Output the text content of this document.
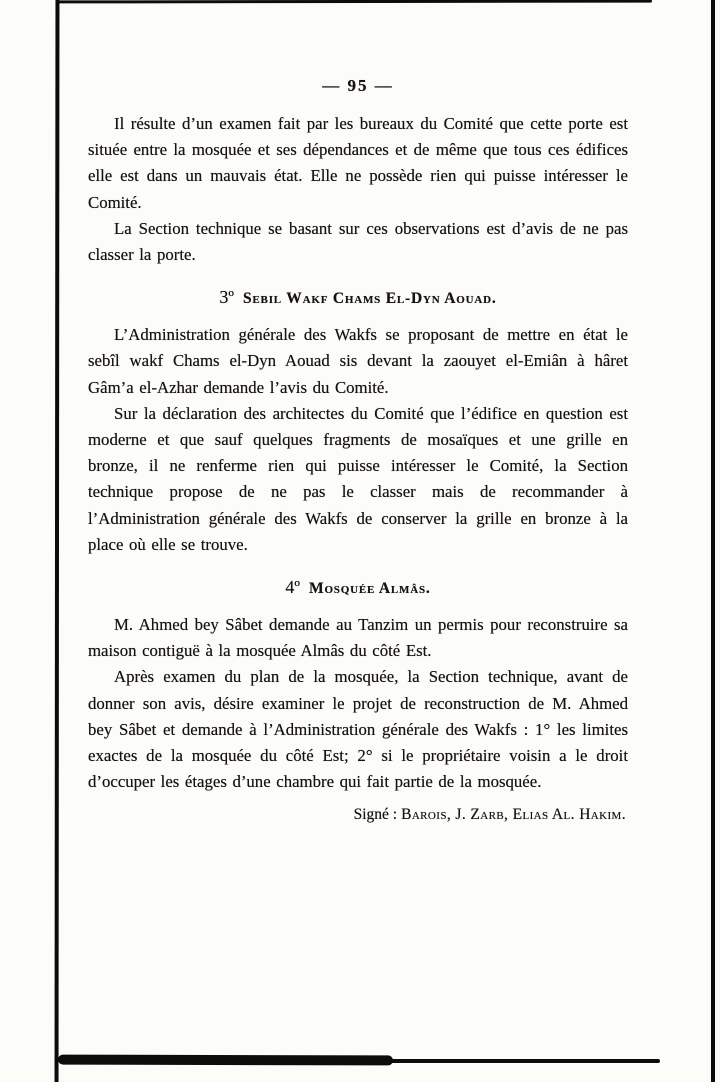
— 95 —

Il résulte d’un examen fait par les bureaux du Comité que cette porte est située entre la mosquée et ses dépendances et de même que tous ces édifices elle est dans un mauvais état. Elle ne possède rien qui puisse intéresser le Comité.

La Section technique se basant sur ces observations est d’avis de ne pas classer la porte.

3º Sebil Wakf Chams El-Dyn Aouad.

L’Administration générale des Wakfs se proposant de mettre en état le sebîl wakf Chams el-Dyn Aouad sis devant la zaouyet el-Emiân à hâret Gâm’a el-Azhar demande l’avis du Comité.

Sur la déclaration des architectes du Comité que l’édifice en question est moderne et que sauf quelques fragments de mosaïques et une grille en bronze, il ne renferme rien qui puisse intéresser le Comité, la Section technique propose de ne pas le classer mais de recommander à l’Administration générale des Wakfs de conserver la grille en bronze à la place où elle se trouve.

4º Mosquée Almâs.

M. Ahmed bey Sâbet demande au Tanzim un permis pour reconstruire sa maison contiguë à la mosquée Almâs du côté Est.

Après examen du plan de la mosquée, la Section technique, avant de donner son avis, désire examiner le projet de reconstruction de M. Ahmed bey Sâbet et demande à l’Administration générale des Wakfs : 1° les limites exactes de la mosquée du côté Est; 2° si le propriétaire voisin a le droit d’occuper les étages d’une chambre qui fait partie de la mosquée.

Signé : Barois, J. Zarb, Elias Al. Hakim.
